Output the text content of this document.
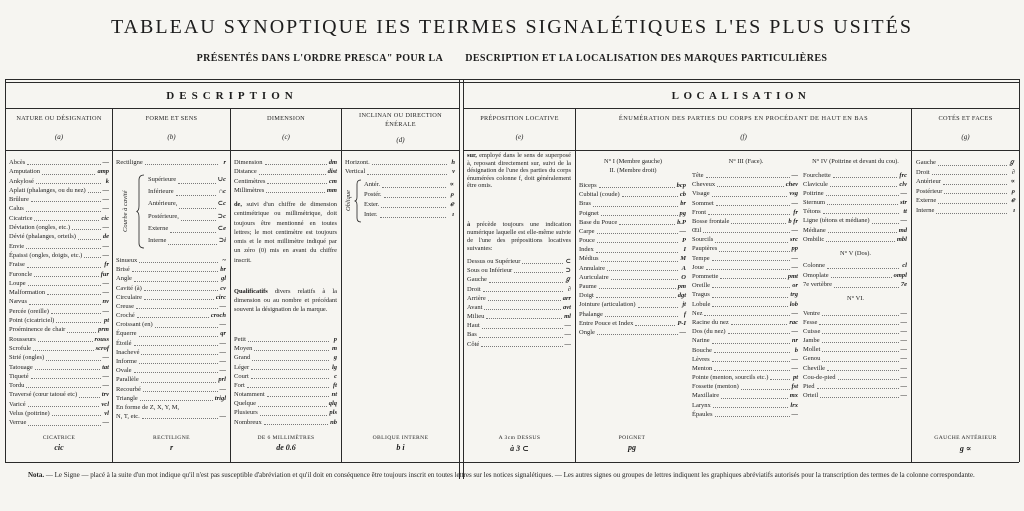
TABLEAU SYNOPTIQUE IES TEIRMES SIGNALÉTIQUES L'ES PLUS USITÉS
PRÉSENTÉS DANS L'ORDRE PRESCA" POUR LA DESCRIPTION ET LA LOCALISATION DES MARQUES PARTICULIÈRES
DESCRIPTION	LOCALISATION
NATURE OU DÉSIGNATION
(a)
FORME ET SENS
(b)
DIMENSION
(c)
INCLINAN OU DIRECTION
ÉNÉRALE
(d)
PRÉPOSITION LOCATIVE
(e)
ÉNUMÉRATION DES PARTIES DU CORPS EN PROCÉDANT DE HAUT EN BAS
(f)
COTÉS ET FACES
(g)
Abcès	—
Amputation	amp
Ankylosé	k
Aplati (phalanges, ou du nez)	—
Brûlure	—
Calus	—
Cicatrice	cic
Déviation (ongles, etc.)	—
Dévié (phalanges, orteils)	de
Envie	—
Épaissi (ongles, doigts, etc.)	—
Fraise	fr
Furoncle	fur
Loupe	—
Malformation	—
Nævus	nv
Percée (oreille)	—
Point (cicatriciel)	pt
Proéminence de chair	prm
Rousseurs	rouss
Scrofule	scrof
Strié (ongles)	—
Tatouage	tat
Tiqueté	—
Tordu	—
Traversé (cœur tatoué etc)	trv
Varicé	vcl
Velus (poitrine)	vl
Verrue	—
Rectiligne	r
Courbe à cavité
Supérieure	∪c
Inférieure	∩c
Antérieure,	⊂c
Postérieure,	⊃c
Externe	⊂e
Interne	⊃i
Sinueux	~
Brisé	br
Angle	gl
Cavité (à)	cv
Circulaire	circ
Creuse	—
Croché	croch
Croissant (en)	—
Équerre	qr
Étoilé	—
Inachevé	—
Informe	—
Ovale	—
Parallèle	prl
Recourbé	—
Triangle	trigl
En forme de Z, X, Y, M,
N, T, etc.	—
Dimension	dm
Distance	dist
Centimètres	cm
Millimètres	mm
de, suivi d'un chiffre de dimension centimétrique ou millimétrique, doit toujours être mentionné en toutes lettres; le mot centimètre est toujours omis et le mot millimètre indiqué par un zéro (0) mis en avant du chiffre inscrit.
Qualificatifs divers relatifs à la dimension ou au nombre et précédant souvent la désignation de la marque.
Petit	p
Moyen	m
Grand	g
Léger	lg
Court	c
Fort	ft
Notamment	nt
Quelque	qlq
Plusieurs	pls
Nombreux	nb
Horizont.	h
Vertical	v
Oblique
Antér.	∝
Postér.	ρ
Exter.	ℯ
Inter.	ı
sur, employé dans le sens de superposé à, reposant directement sur, suivi de la désignation de l'une des parties du corps énumérées colonne f, doit généralement être omis.
à précède toujours une indication numérique laquelle est elle-même suivie de l'une des prépositions locatives suivantes:
Dessus ou Supérieur	⊂
Sous ou Inférieur	⊃
Gauche	ℊ
Droit	∂
Arrière	arr
Avant	avt
Milieu	ml
Haut	—
Bas	—
Côté	—
N° I (Membre gauche)
II. (Membre droit)
Biceps	bcp
Cubital (coude)	cb
Bras	br
Poignet	pg
Base du Pouce	b.P
Carpe	—
Pouce	P
Index	I
Médius	M
Annulaire	A
Auriculaire	O
Paume	pm
Doigt	dgt
Jointure (articulation)	jt
Phalange	f
Entre Pouce et Index	P-I
Ongle	—
N° III (Face).
Tête	—
Cheveux	chev
Visage	vsg
Sommet	—
Front	fr
Bosse frontale	b fr
Œil	—
Sourcils	src
Paupières	pp
Tempe	—
Joue	—
Pommette	pmt
Oreille	or
Tragus	trg
Lobule	lob
Nez	—
Racine du nez	rac
Dos (du nez)	—
Narine	nr
Bouche	b
Lèvres	—
Menton	—
Pointe (menton, sourcils etc.)	pt
Fossette (menton)	fst
Maxillaire	mx
Larynx	lrx
Épaules	—
N° IV (Poitrine et devant du cou).
Fourchette	frc
Clavicule	clv
Poitrine	—
Sternum	str
Tétons	tt
Ligne (tétons et médiane)	—
Médiane	md
Ombilic	mbl
N° V (Dos).
Colonne	cl
Omoplate	ompl
7e vertèbre	7e
N° VI.
Ventre	—
Fesse	—
Cuisse	—
Jambe	—
Mollet	—
Genou	—
Cheville	—
Cou-de-pied	—
Pied	—
Orteil	—
Gauche	ℊ
Droit	∂
Antérieur	∝
Postérieur	ρ
Externe	ℯ
Interne	ı
CICATRICE
cic
RECTILIGNE
r
DE 6 MILLIMÈTRES
de 0.6
OBLIQUE INTERNE
b i
A 3cm DESSUS
à 3 ⊂
POIGNET
pg
GAUCHE ANTÉRIEUR
g ∝
Nota. — Le Signe — placé à la suite d'un mot indique qu'il n'est pas susceptible d'abréviation et qu'il doit en conséquence être toujours inscrit en toutes lettres sur les notices signalétiques. — Les autres signes ou groupes de lettres indiquent les graphiques abréviatifs autorisés pour la transcription des termes de la colonne correspondante.
